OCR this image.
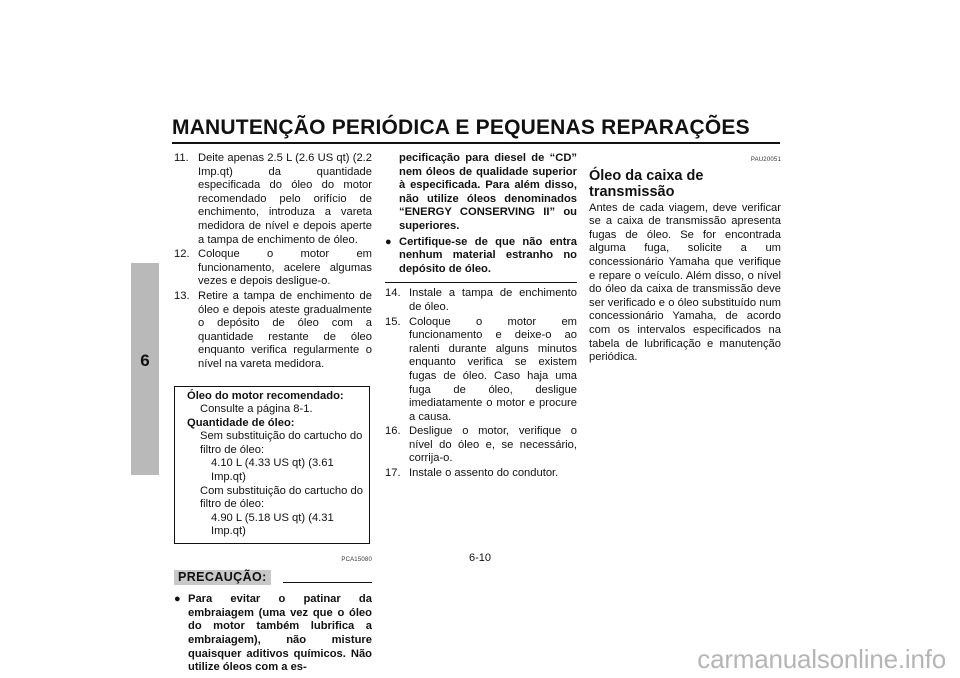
MANUTENÇÃO PERIÓDICA E PEQUENAS REPARAÇÕES
6
11. Deite apenas 2.5 L (2.6 US qt) (2.2 Imp.qt) da quantidade especificada do óleo do motor recomendado pelo orifício de enchimento, introduza a vareta medidora de nível e depois aperte a tampa de enchimento de óleo.
12. Coloque o motor em funcionamento, acelere algumas vezes e depois desligue-o.
13. Retire a tampa de enchimento de óleo e depois ateste gradualmente o depósito de óleo com a quantidade restante de óleo enquanto verifica regularmente o nível na vareta medidora.
Óleo do motor recomendado:
Consulte a página 8-1.
Quantidade de óleo:
Sem substituição do cartucho do filtro de óleo:
4.10 L (4.33 US qt) (3.61 Imp.qt)
Com substituição do cartucho do filtro de óleo:
4.90 L (5.18 US qt) (4.31 Imp.qt)
PCA15080
PRECAUÇÃO:
● Para evitar o patinar da embraiagem (uma vez que o óleo do motor também lubrifica a embraiagem), não misture quaisquer aditivos químicos. Não utilize óleos com a es-
pecificação para diesel de “CD” nem óleos de qualidade superior à especificada. Para além disso, não utilize óleos denominados “ENERGY CONSERVING II” ou superiores.
● Certifique-se de que não entra nenhum material estranho no depósito de óleo.
14. Instale a tampa de enchimento de óleo.
15. Coloque o motor em funcionamento e deixe-o ao ralenti durante alguns minutos enquanto verifica se existem fugas de óleo. Caso haja uma fuga de óleo, desligue imediatamente o motor e procure a causa.
16. Desligue o motor, verifique o nível do óleo e, se necessário, corrija-o.
17. Instale o assento do condutor.
PAU20051
Óleo da caixa de transmissão
Antes de cada viagem, deve verificar se a caixa de transmissão apresenta fugas de óleo. Se for encontrada alguma fuga, solicite a um concessionário Yamaha que verifique e repare o veículo. Além disso, o nível do óleo da caixa de transmissão deve ser verificado e o óleo substituído num concessionário Yamaha, de acordo com os intervalos especificados na tabela de lubrificação e manutenção periódica.
6-10
carmanualsonline.info
